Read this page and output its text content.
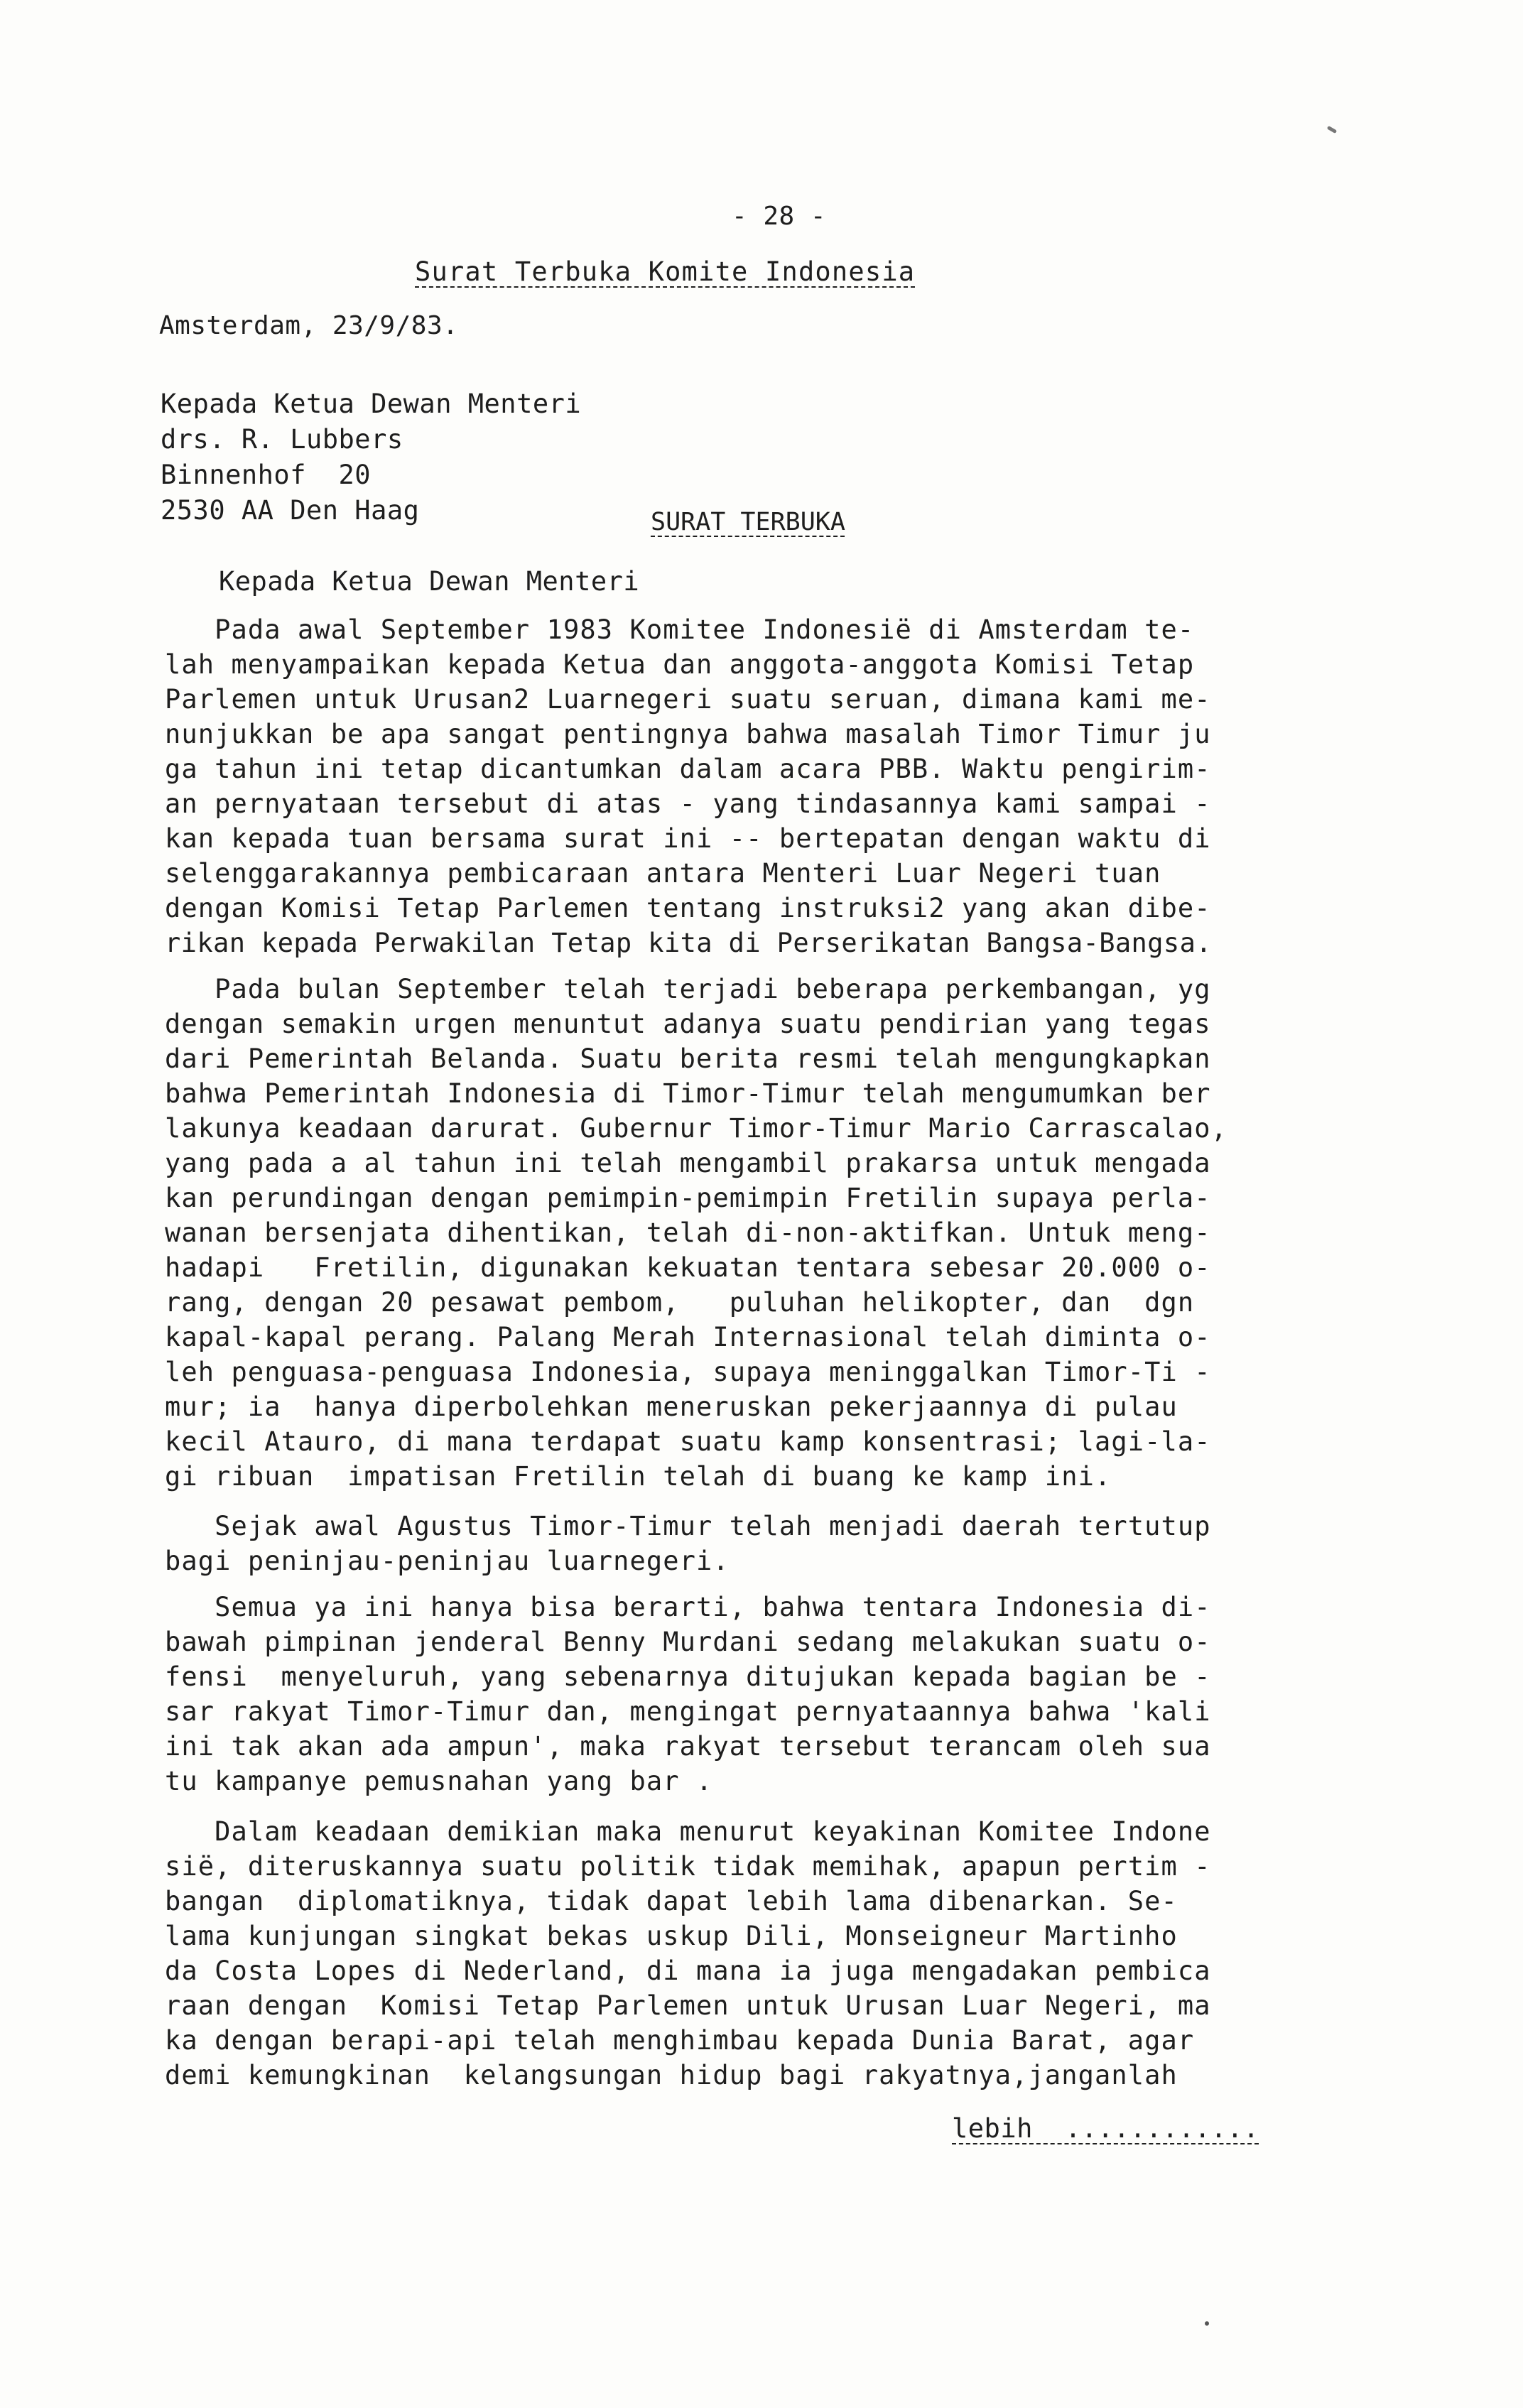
- 28 -
Surat Terbuka Komite Indonesia
Amsterdam, 23/9/83.
Kepada Ketua Dewan Menteri
drs. R. Lubbers
Binnenhof  20
2530 AA Den Haag	SURAT TERBUKA
Kepada Ketua Dewan Menteri
Pada awal September 1983 Komitee Indonesië di Amsterdam te-
lah menyampaikan kepada Ketua dan anggota-anggota Komisi Tetap
Parlemen untuk Urusan2 Luarnegeri suatu seruan, dimana kami me-
nunjukkan be apa sangat pentingnya bahwa masalah Timor Timur ju
ga tahun ini tetap dicantumkan dalam acara PBB. Waktu pengirim-
an pernyataan tersebut di atas - yang tindasannya kami sampai -
kan kepada tuan bersama surat ini -- bertepatan dengan waktu di
selenggarakannya pembicaraan antara Menteri Luar Negeri tuan
dengan Komisi Tetap Parlemen tentang instruksi2 yang akan dibe-
rikan kepada Perwakilan Tetap kita di Perserikatan Bangsa-Bangsa.
Pada bulan September telah terjadi beberapa perkembangan, yg
dengan semakin urgen menuntut adanya suatu pendirian yang tegas
dari Pemerintah Belanda. Suatu berita resmi telah mengungkapkan
bahwa Pemerintah Indonesia di Timor-Timur telah mengumumkan ber
lakunya keadaan darurat. Gubernur Timor-Timur Mario Carrascalao,
yang pada a al tahun ini telah mengambil prakarsa untuk mengada
kan perundingan dengan pemimpin-pemimpin Fretilin supaya perla-
wanan bersenjata dihentikan, telah di-non-aktifkan. Untuk meng-
hadapi   Fretilin, digunakan kekuatan tentara sebesar 20.000 o-
rang, dengan 20 pesawat pembom,   puluhan helikopter, dan  dgn
kapal-kapal perang. Palang Merah Internasional telah diminta o-
leh penguasa-penguasa Indonesia, supaya meninggalkan Timor-Ti -
mur; ia  hanya diperbolehkan meneruskan pekerjaannya di pulau
kecil Atauro, di mana terdapat suatu kamp konsentrasi; lagi-la-
gi ribuan  impatisan Fretilin telah di buang ke kamp ini.
Sejak awal Agustus Timor-Timur telah menjadi daerah tertutup
bagi peninjau-peninjau luarnegeri.
Semua ya ini hanya bisa berarti, bahwa tentara Indonesia di-
bawah pimpinan jenderal Benny Murdani sedang melakukan suatu o-
fensi  menyeluruh, yang sebenarnya ditujukan kepada bagian be -
sar rakyat Timor-Timur dan, mengingat pernyataannya bahwa 'kali
ini tak akan ada ampun', maka rakyat tersebut terancam oleh sua
tu kampanye pemusnahan yang bar .
Dalam keadaan demikian maka menurut keyakinan Komitee Indone
sië, diteruskannya suatu politik tidak memihak, apapun pertim -
bangan  diplomatiknya, tidak dapat lebih lama dibenarkan. Se-
lama kunjungan singkat bekas uskup Dili, Monseigneur Martinho
da Costa Lopes di Nederland, di mana ia juga mengadakan pembica
raan dengan  Komisi Tetap Parlemen untuk Urusan Luar Negeri, ma
ka dengan berapi-api telah menghimbau kepada Dunia Barat, agar
demi kemungkinan  kelangsungan hidup bagi rakyatnya,janganlah
lebih  ............
